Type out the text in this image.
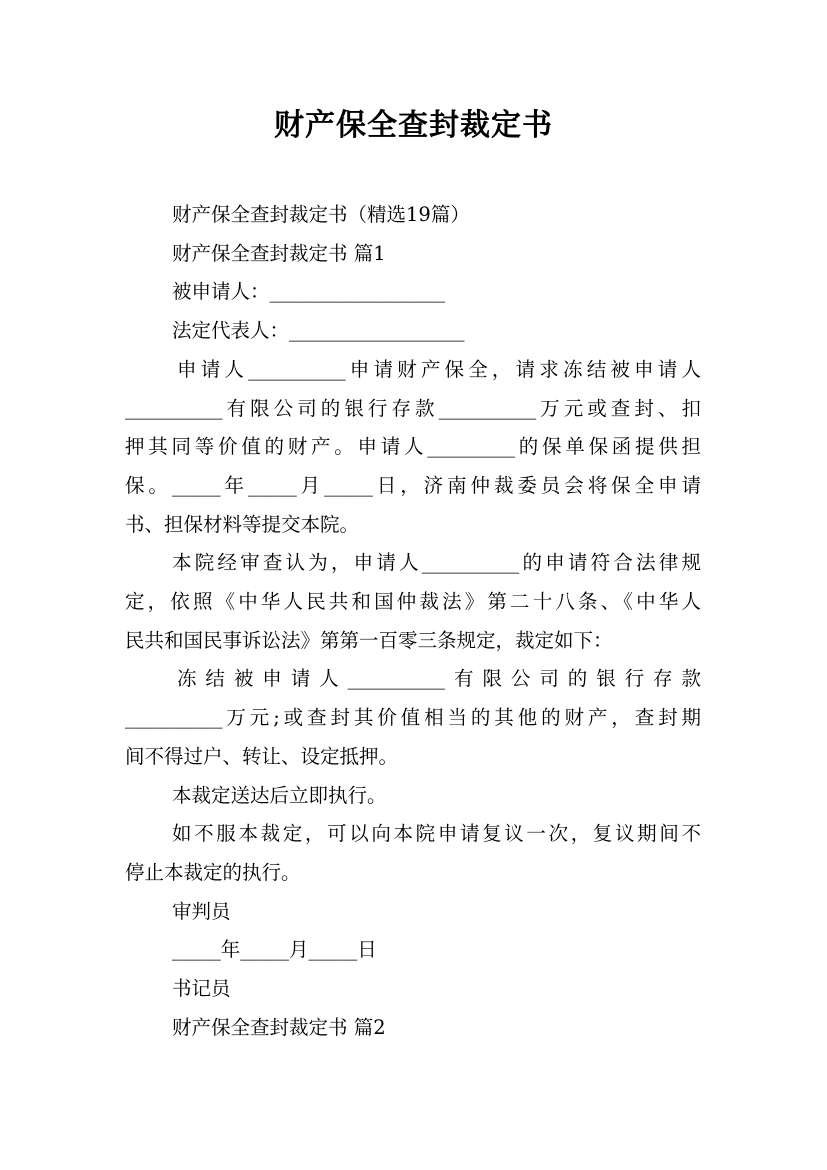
财产保全查封裁定书

财产保全查封裁定书（精选19篇）

财产保全查封裁定书 篇1

被申请人：__________________

法定代表人：__________________

申请人__________申请财产保全，请求冻结被申请人

__________有限公司的银行存款__________万元或查封、扣

押其同等价值的财产。申请人_________的保单保函提供担

保。_____年_____月_____日，济南仲裁委员会将保全申请

书、担保材料等提交本院。

本院经审查认为，申请人__________的申请符合法律规

定，依照《中华人民共和国仲裁法》第二十八条、《中华人

民共和国民事诉讼法》第第一百零三条规定，裁定如下：

冻结被申请人__________有限公司的银行存款

__________万元;或查封其价值相当的其他的财产，查封期

间不得过户、转让、设定抵押。

本裁定送达后立即执行。

如不服本裁定，可以向本院申请复议一次，复议期间不

停止本裁定的执行。

审判员

_____年_____月_____日

书记员

财产保全查封裁定书 篇2
